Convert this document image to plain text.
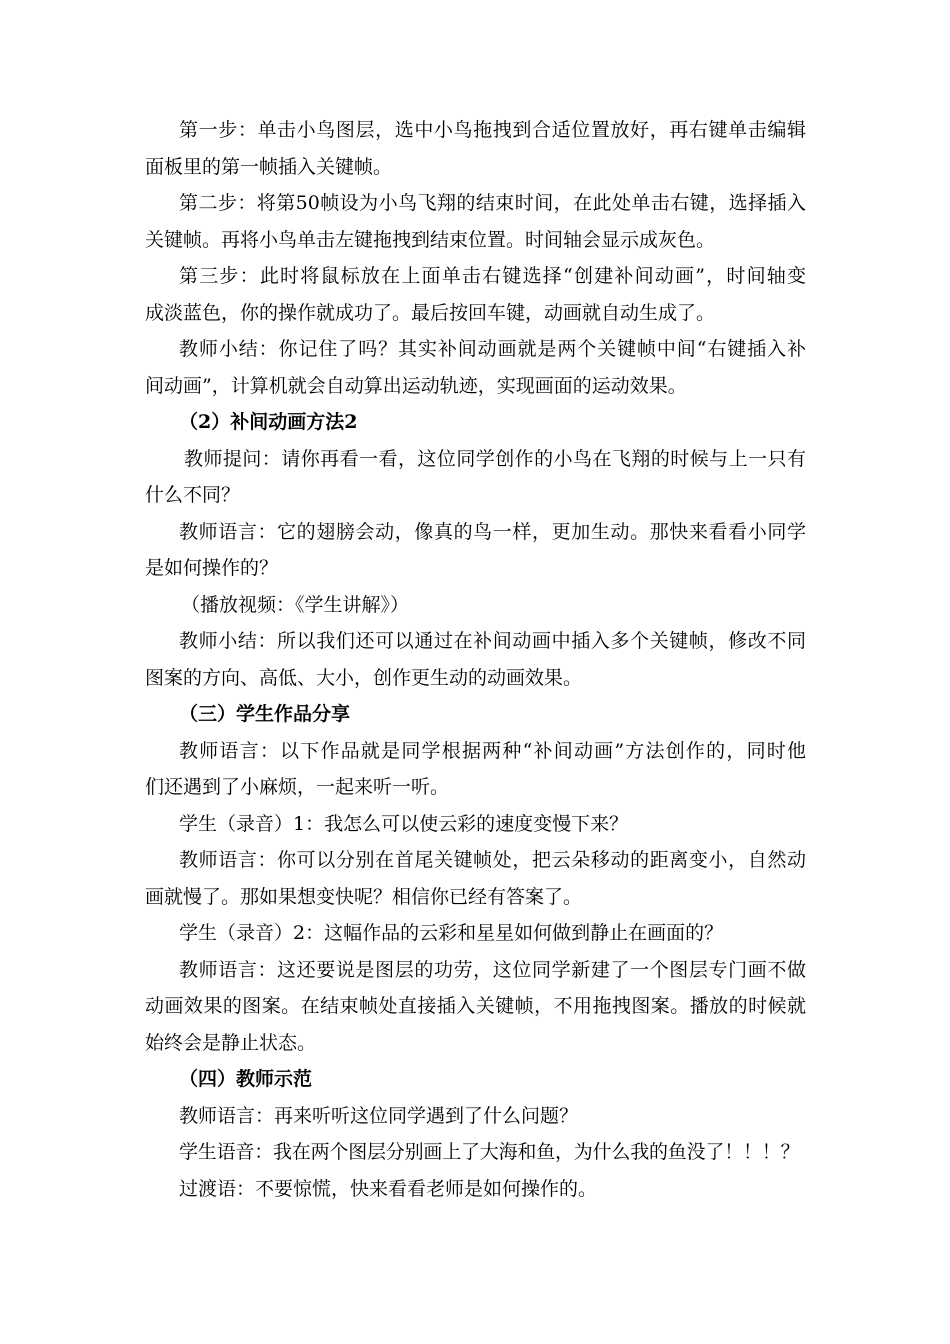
第一步：单击小鸟图层，选中小鸟拖拽到合适位置放好，再右键单击编辑
面板里的第一帧插入关键帧。
第二步：将第50帧设为小鸟飞翔的结束时间，在此处单击右键，选择插入
关键帧。再将小鸟单击左键拖拽到结束位置。时间轴会显示成灰色。
第三步：此时将鼠标放在上面单击右键选择“创建补间动画”，时间轴变
成淡蓝色，你的操作就成功了。最后按回车键，动画就自动生成了。
教师小结：你记住了吗？其实补间动画就是两个关键帧中间“右键插入补
间动画”，计算机就会自动算出运动轨迹，实现画面的运动效果。
（2）补间动画方法2
教师提问：请你再看一看，这位同学创作的小鸟在飞翔的时候与上一只有
什么不同？
教师语言：它的翅膀会动，像真的鸟一样，更加生动。那快来看看小同学
是如何操作的？
（播放视频：《学生讲解》）
教师小结：所以我们还可以通过在补间动画中插入多个关键帧，修改不同
图案的方向、高低、大小，创作更生动的动画效果。
（三）学生作品分享
教师语言：以下作品就是同学根据两种“补间动画”方法创作的，同时他
们还遇到了小麻烦，一起来听一听。
学生（录音）1：我怎么可以使云彩的速度变慢下来？
教师语言：你可以分别在首尾关键帧处，把云朵移动的距离变小，自然动
画就慢了。那如果想变快呢？相信你已经有答案了。
学生（录音）2：这幅作品的云彩和星星如何做到静止在画面的？
教师语言：这还要说是图层的功劳，这位同学新建了一个图层专门画不做
动画效果的图案。在结束帧处直接插入关键帧，不用拖拽图案。播放的时候就
始终会是静止状态。
（四）教师示范
教师语言：再来听听这位同学遇到了什么问题？
学生语音：我在两个图层分别画上了大海和鱼，为什么我的鱼没了！！！？
过渡语：不要惊慌，快来看看老师是如何操作的。
